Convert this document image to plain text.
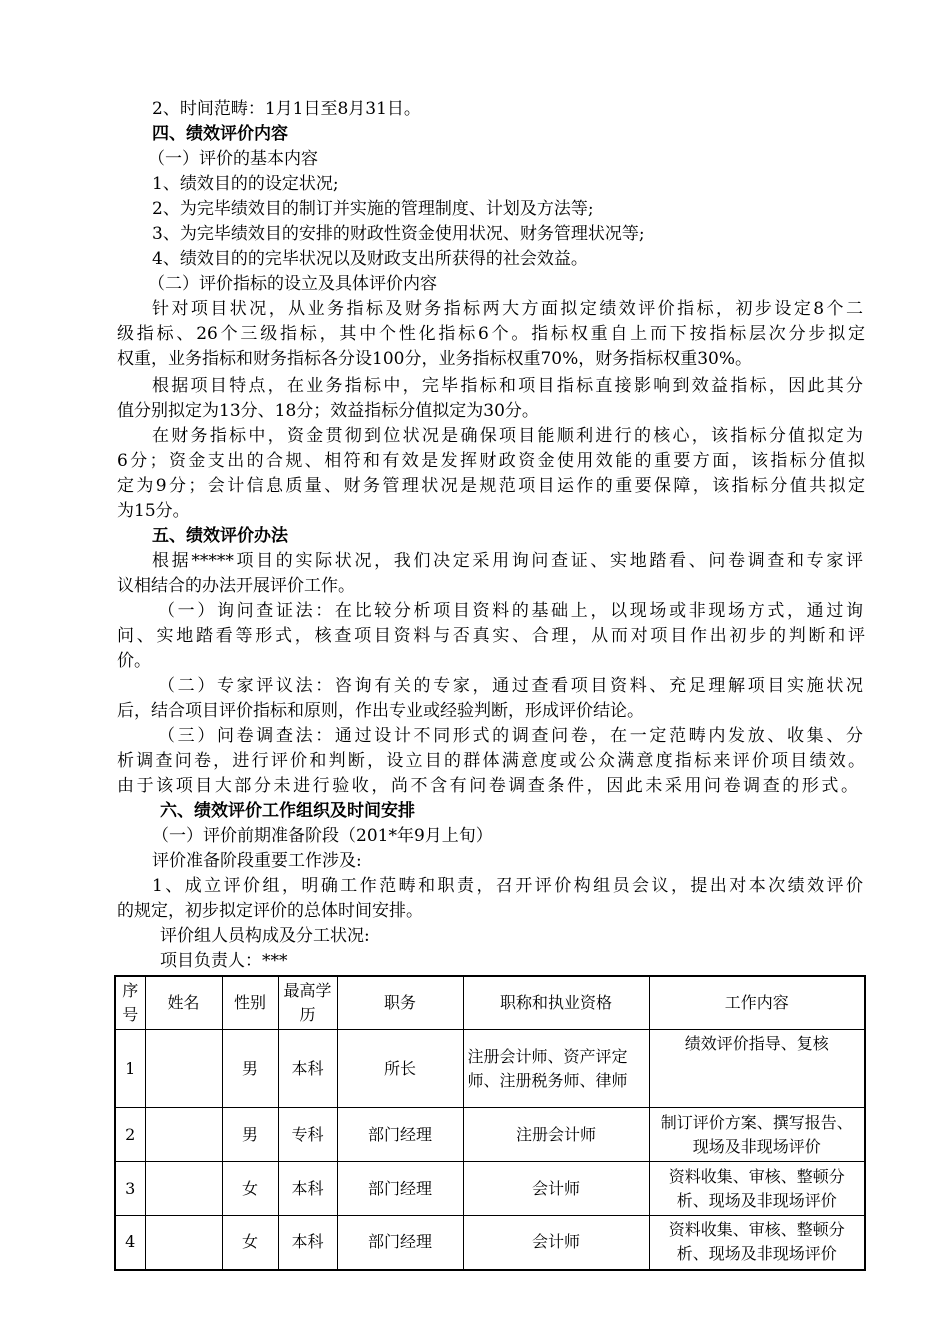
2、时间范畴：1月1日至8月31日。
四、绩效评价内容
（一）评价的基本内容
1、绩效目的的设定状况;
2、为完毕绩效目的制订并实施的管理制度、计划及方法等;
3、为完毕绩效目的安排的财政性资金使用状况、财务管理状况等;
4、绩效目的的完毕状况以及财政支出所获得的社会效益。
（二）评价指标的设立及具体评价内容
针对项目状况，从业务指标及财务指标两大方面拟定绩效评价指标，初步设定8个二
级指标、26个三级指标，其中个性化指标6个。指标权重自上而下按指标层次分步拟定
权重，业务指标和财务指标各分设100分，业务指标权重70%，财务指标权重30%。
根据项目特点，在业务指标中，完毕指标和项目指标直接影响到效益指标，因此其分
值分别拟定为13分、18分；效益指标分值拟定为30分。
在财务指标中，资金贯彻到位状况是确保项目能顺利进行的核心，该指标分值拟定为
6分；资金支出的合规、相符和有效是发挥财政资金使用效能的重要方面，该指标分值拟
定为9分；会计信息质量、财务管理状况是规范项目运作的重要保障，该指标分值共拟定
为15分。
五、绩效评价办法
根据*****项目的实际状况，我们决定采用询问查证、实地踏看、问卷调查和专家评
议相结合的办法开展评价工作。
（一）询问查证法：在比较分析项目资料的基础上，以现场或非现场方式，通过询
问、实地踏看等形式，核查项目资料与否真实、合理，从而对项目作出初步的判断和评
价。
（二）专家评议法：咨询有关的专家，通过查看项目资料、充足理解项目实施状况
后，结合项目评价指标和原则，作出专业或经验判断，形成评价结论。
（三）问卷调查法：通过设计不同形式的调查问卷，在一定范畴内发放、收集、分
析调查问卷，进行评价和判断，设立目的群体满意度或公众满意度指标来评价项目绩效。
由于该项目大部分未进行验收，尚不含有问卷调查条件，因此未采用问卷调查的形式。
六、绩效评价工作组织及时间安排
（一）评价前期准备阶段（201*年9月上旬）
评价准备阶段重要工作涉及:
1、成立评价组，明确工作范畴和职责，召开评价构组员会议，提出对本次绩效评价
的规定，初步拟定评价的总体时间安排。
评价组人员构成及分工状况:
项目负责人：***
序号	姓名	性别	最高学历	职务	职称和执业资格	工作内容
1		男	本科	所长	注册会计师、资产评定师、注册税务师、律师	绩效评价指导、复核
2		男	专科	部门经理	注册会计师	制订评价方案、撰写报告、现场及非现场评价
3		女	本科	部门经理	会计师	资料收集、审核、整顿分析、现场及非现场评价
4		女	本科	部门经理	会计师	资料收集、审核、整顿分析、现场及非现场评价
